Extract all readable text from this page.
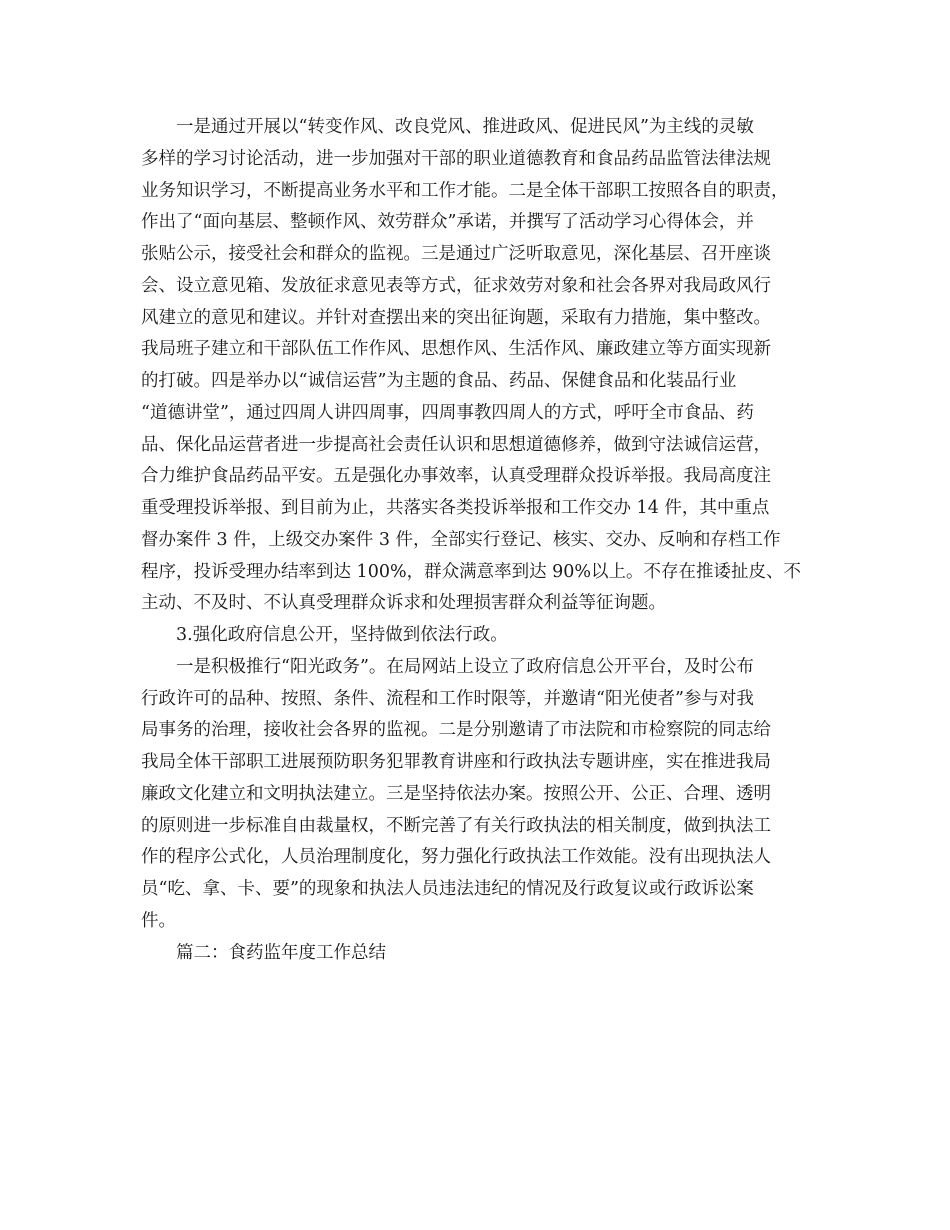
一是通过开展以“转变作风、改良党风、推进政风、促进民风”为主线的灵敏
多样的学习讨论活动，进一步加强对干部的职业道德教育和食品药品监管法律法规
业务知识学习，不断提高业务水平和工作才能。二是全体干部职工按照各自的职责，
作出了“面向基层、整顿作风、效劳群众”承诺，并撰写了活动学习心得体会，并
张贴公示，接受社会和群众的监视。三是通过广泛听取意见，深化基层、召开座谈
会、设立意见箱、发放征求意见表等方式，征求效劳对象和社会各界对我局政风行
风建立的意见和建议。并针对查摆出来的突出征询题，采取有力措施，集中整改。
我局班子建立和干部队伍工作作风、思想作风、生活作风、廉政建立等方面实现新
的打破。四是举办以“诚信运营”为主题的食品、药品、保健食品和化装品行业
“道德讲堂”，通过四周人讲四周事，四周事教四周人的方式，呼吁全市食品、药
品、保化品运营者进一步提高社会责任认识和思想道德修养，做到守法诚信运营，
合力维护食品药品平安。五是强化办事效率，认真受理群众投诉举报。我局高度注
重受理投诉举报、到目前为止，共落实各类投诉举报和工作交办 14 件，其中重点
督办案件 3 件，上级交办案件 3 件，全部实行登记、核实、交办、反响和存档工作
程序，投诉受理办结率到达 100%，群众满意率到达 90%以上。不存在推诿扯皮、不
主动、不及时、不认真受理群众诉求和处理损害群众利益等征询题。
3.强化政府信息公开，坚持做到依法行政。
一是积极推行“阳光政务”。在局网站上设立了政府信息公开平台，及时公布
行政许可的品种、按照、条件、流程和工作时限等，并邀请“阳光使者”参与对我
局事务的治理，接收社会各界的监视。二是分别邀请了市法院和市检察院的同志给
我局全体干部职工进展预防职务犯罪教育讲座和行政执法专题讲座，实在推进我局
廉政文化建立和文明执法建立。三是坚持依法办案。按照公开、公正、合理、透明
的原则进一步标准自由裁量权，不断完善了有关行政执法的相关制度，做到执法工
作的程序公式化，人员治理制度化，努力强化行政执法工作效能。没有出现执法人
员“吃、拿、卡、要”的现象和执法人员违法违纪的情况及行政复议或行政诉讼案
件。
篇二：食药监年度工作总结
